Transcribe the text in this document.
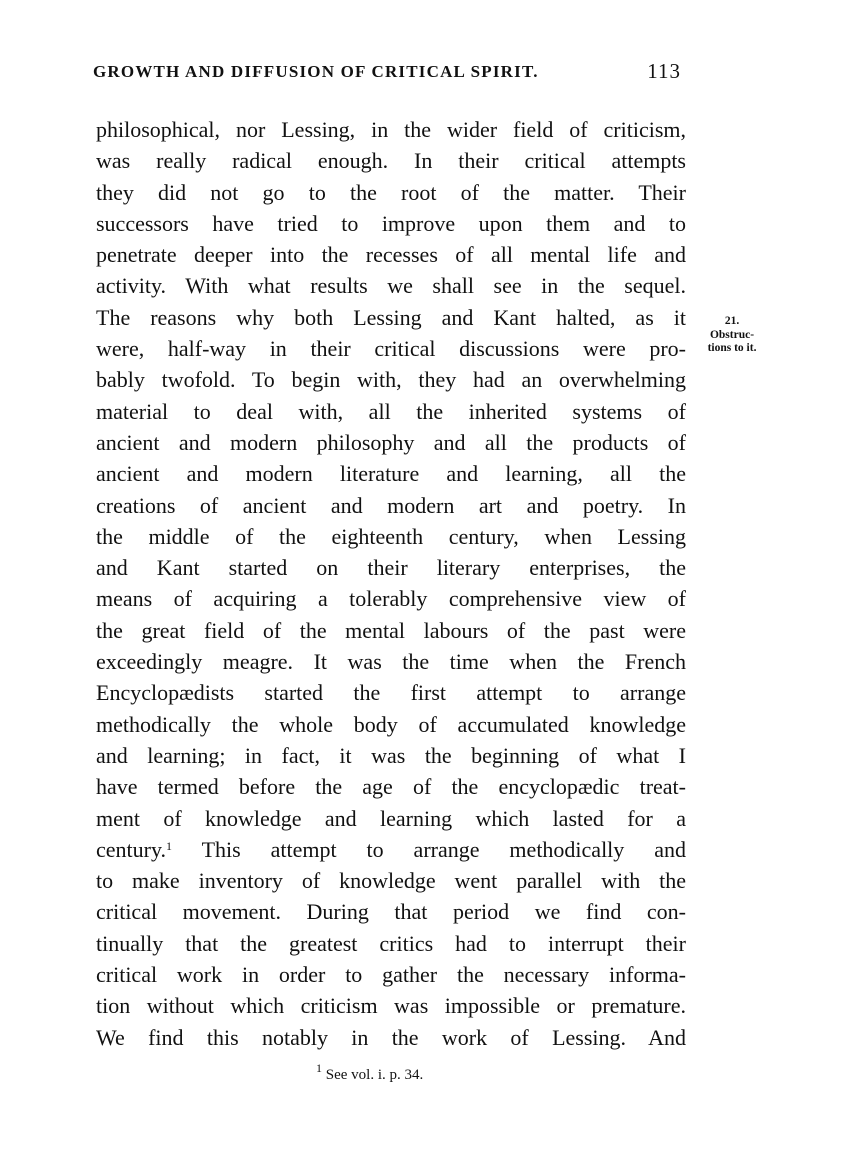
GROWTH AND DIFFUSION OF CRITICAL SPIRIT.	113
21.
Obstruc-
tions to it.
philosophical, nor Lessing, in the wider field of criticism,
was really radical enough. In their critical attempts
they did not go to the root of the matter. Their
successors have tried to improve upon them and to
penetrate deeper into the recesses of all mental life and
activity. With what results we shall see in the sequel.
The reasons why both Lessing and Kant halted, as it
were, half-way in their critical discussions were pro-
bably twofold. To begin with, they had an overwhelming
material to deal with, all the inherited systems of
ancient and modern philosophy and all the products of
ancient and modern literature and learning, all the
creations of ancient and modern art and poetry. In
the middle of the eighteenth century, when Lessing
and Kant started on their literary enterprises, the
means of acquiring a tolerably comprehensive view of
the great field of the mental labours of the past were
exceedingly meagre. It was the time when the French
Encyclopædists started the first attempt to arrange
methodically the whole body of accumulated knowledge
and learning; in fact, it was the beginning of what I
have termed before the age of the encyclopædic treat-
ment of knowledge and learning which lasted for a
century.$^1$ This attempt to arrange methodically and
to make inventory of knowledge went parallel with the
critical movement. During that period we find con-
tinually that the greatest critics had to interrupt their
critical work in order to gather the necessary informa-
tion without which criticism was impossible or premature.
We find this notably in the work of Lessing. And
$^1$ See vol. i. p. 34.
